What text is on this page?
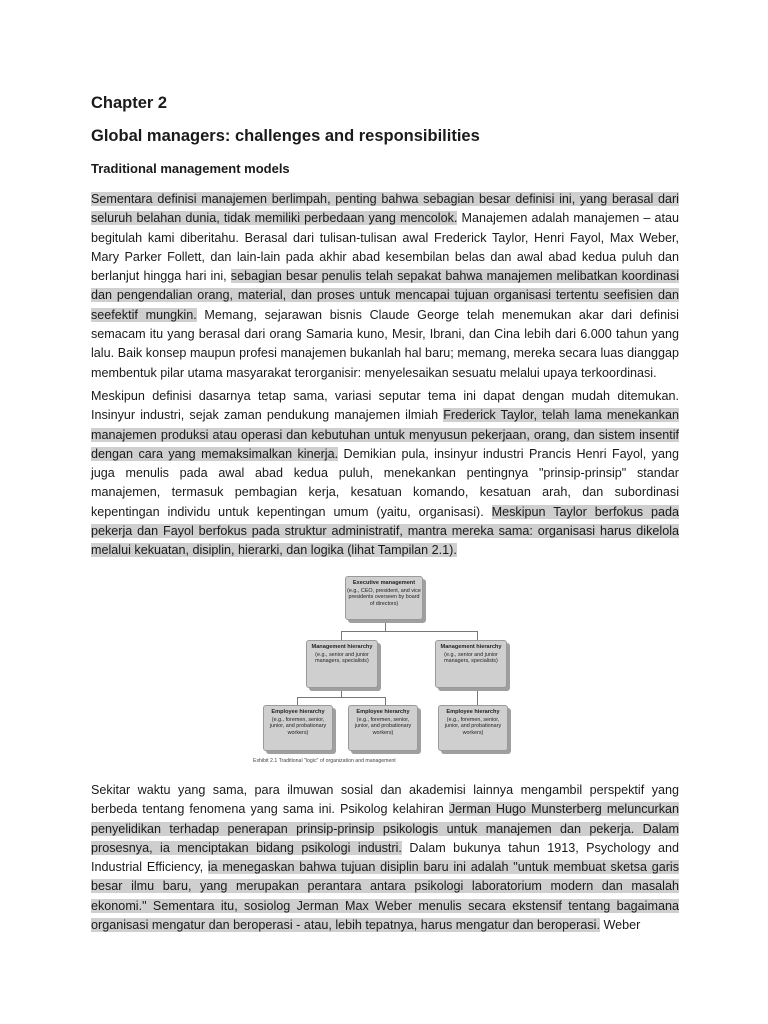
Chapter 2
Global managers: challenges and responsibilities
Traditional management models

Sementara definisi manajemen berlimpah, penting bahwa sebagian besar definisi ini, yang berasal dari seluruh belahan dunia, tidak memiliki perbedaan yang mencolok. Manajemen adalah manajemen – atau begitulah kami diberitahu. Berasal dari tulisan-tulisan awal Frederick Taylor, Henri Fayol, Max Weber, Mary Parker Follett, dan lain-lain pada akhir abad kesembilan belas dan awal abad kedua puluh dan berlanjut hingga hari ini, sebagian besar penulis telah sepakat bahwa manajemen melibatkan koordinasi dan pengendalian orang, material, dan proses untuk mencapai tujuan organisasi tertentu seefisien dan seefektif mungkin. Memang, sejarawan bisnis Claude George telah menemukan akar dari definisi semacam itu yang berasal dari orang Samaria kuno, Mesir, Ibrani, dan Cina lebih dari 6.000 tahun yang lalu. Baik konsep maupun profesi manajemen bukanlah hal baru; memang, mereka secara luas dianggap membentuk pilar utama masyarakat terorganisir: menyelesaikan sesuatu melalui upaya terkoordinasi.

Meskipun definisi dasarnya tetap sama, variasi seputar tema ini dapat dengan mudah ditemukan. Insinyur industri, sejak zaman pendukung manajemen ilmiah Frederick Taylor, telah lama menekankan manajemen produksi atau operasi dan kebutuhan untuk menyusun pekerjaan, orang, dan sistem insentif dengan cara yang memaksimalkan kinerja. Demikian pula, insinyur industri Prancis Henri Fayol, yang juga menulis pada awal abad kedua puluh, menekankan pentingnya "prinsip-prinsip" standar manajemen, termasuk pembagian kerja, kesatuan komando, kesatuan arah, dan subordinasi kepentingan individu untuk kepentingan umum (yaitu, organisasi). Meskipun Taylor berfokus pada pekerja dan Fayol berfokus pada struktur administratif, mantra mereka sama: organisasi harus dikelola melalui kekuatan, disiplin, hierarki, dan logika (lihat Tampilan 2.1).

Sekitar waktu yang sama, para ilmuwan sosial dan akademisi lainnya mengambil perspektif yang berbeda tentang fenomena yang sama ini. Psikolog kelahiran Jerman Hugo Munsterberg meluncurkan penyelidikan terhadap penerapan prinsip-prinsip psikologis untuk manajemen dan pekerja. Dalam prosesnya, ia menciptakan bidang psikologi industri. Dalam bukunya tahun 1913, Psychology and Industrial Efficiency, ia menegaskan bahwa tujuan disiplin baru ini adalah "untuk membuat sketsa garis besar ilmu baru, yang merupakan perantara antara psikologi laboratorium modern dan masalah ekonomi." Sementara itu, sosiolog Jerman Max Weber menulis secara ekstensif tentang bagaimana organisasi mengatur dan beroperasi - atau, lebih tepatnya, harus mengatur dan beroperasi. Weber

Executive management
(e.g., CEO, president, and vice presidents overseen by board of directors)
Management hierarchy
(e.g., senior and junior managers, specialists)
Management hierarchy
(e.g., senior and junior managers, specialists)
Employee hierarchy
(e.g., foremen, senior, junior, and probationary workers)
Employee hierarchy
(e.g., foremen, senior, junior, and probationary workers)
Employee hierarchy
(e.g., foremen, senior, junior, and probationary workers)
Exhibit 2.1 Traditional "logic" of organization and management
